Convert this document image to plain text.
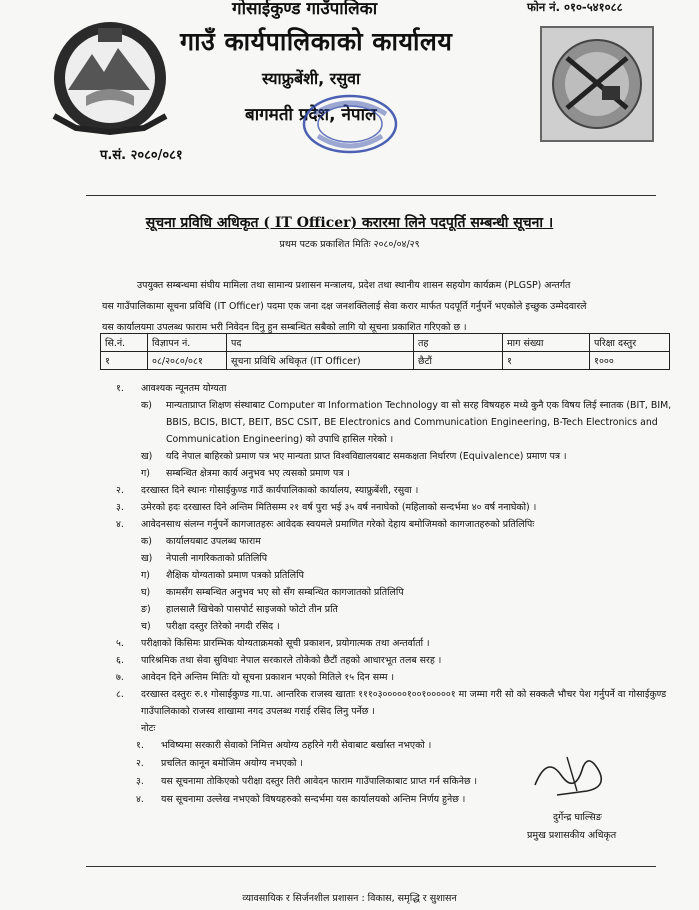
गोसाईकुण्ड गाउँपालिका	फोन नं. ०१०-५४१०८८
गाउँ कार्यपालिकाको कार्यालय
स्याफ्रुबेंशी, रसुवा
बागमती प्रदेश, नेपाल
प.सं. २०८०/०८१
सूचना प्रविधि अधिकृत ( IT Officer) करारमा लिने पदपूर्ति सम्बन्धी सूचना ।
प्रथम पटक प्रकाशित मितिः २०८०/०४/२९

उपयुक्त सम्बन्धमा संघीय मामिला तथा सामान्य प्रशासन मन्त्रालय, प्रदेश तथा स्थानीय शासन सहयोग कार्यक्रम (PLGSP) अन्तर्गत

यस गाउँपालिकामा सूचना प्रविधि (IT Officer) पदमा एक जना दक्ष जनशक्तिलाई सेवा करार मार्फत पदपूर्ति गर्नुपर्ने भएकोले इच्छुक उम्मेदवारले

यस कार्यालयमा उपलब्ध फाराम भरी निवेदन दिनु हुन सम्बन्धित सबैको लागि यो सूचना प्रकाशित गरिएको छ ।

सि.नं.	विज्ञापन नं.	पद	तह	माग संख्या	परिक्षा दस्तुर
१	०८/२०८०/०८१	सूचना प्रविधि अधिकृत (IT Officer)	छैटौं	१	१०००
१.	आवश्यक न्यूनतम योग्यता
क)	मान्यताप्राप्त शिक्षण संस्थाबाट Computer वा Information Technology वा सो सरह विषयहरु मध्ये कुनै एक विषय लिई स्नातक (BIT, BIM, BBIS, BCIS, BICT, BEIT, BSC CSIT, BE Electronics and Communication Engineering, B-Tech Electronics and Communication Engineering) को उपाधि हासिल गरेको ।
ख)	यदि नेपाल बाहिरको प्रमाण पत्र भए मान्यता प्राप्त विश्वविद्यालयबाट समकक्षता निर्धारण (Equivalence) प्रमाण पत्र ।
ग)	सम्बन्धित क्षेत्रमा कार्य अनुभव भए त्यसको प्रमाण पत्र ।
२.	दरखास्त दिने स्थानः गोसाईकुण्ड गाउँ कार्यपालिकाको कार्यालय, स्याफ्रुबेंशी, रसुवा ।
३.	उमेरको हदः दरखास्त दिने अन्तिम मितिसम्म २१ वर्ष पुरा भई ३५ वर्ष ननाघेको (महिलाको सन्दर्भमा ४० वर्ष ननाघेको) ।
४.	आवेदनसाथ संलग्न गर्नुपर्ने कागजातहरुः आवेदक स्वयमले प्रमाणित गरेको देहाय बमोजिमको कागजातहरुको प्रतिलिपिः
क)	कार्यालयबाट उपलब्ध फाराम
ख)	नेपाली नागरिकताको प्रतिलिपि
ग)	शैक्षिक योग्यताको प्रमाण पत्रको प्रतिलिपि
घ)	कामसँग सम्बन्धित अनुभव भए सो सँग सम्बन्धित कागजातको प्रतिलिपि
ङ)	हालसालै खिचेको पासपोर्ट साइजको फोटो तीन प्रति
च)	परीक्षा दस्तुर तिरेको नगदी रसिद ।
५.	परीक्षाको किसिमः प्रारम्भिक योग्यताक्रमको सूची प्रकाशन, प्रयोगात्मक तथा अन्तर्वार्ता ।
६.	पारिश्रमिक तथा सेवा सुविधाः नेपाल सरकारले तोकेको छैटौं तहको आधारभूत तलब सरह ।
७.	आवेदन दिने अन्तिम मितिः यो सूचना प्रकाशन भएको मितिले १५ दिन सम्म ।
८.	दरखास्त दस्तुरः रु.१ गोसाईकुण्ड गा.पा. आन्तरिक राजस्व खाताः १११०३०००००१००१०००००१ मा जम्मा गरी सो को सक्कलै भौचर पेश गर्नुपर्ने वा गोसाईकुण्ड गाउँपालिकाको राजस्व शाखामा नगद उपलब्ध गराई रसिद लिनु पर्नेछ ।
नोटः
१.	भविष्यमा सरकारी सेवाको निमित्त अयोग्य ठहरिने गरी सेवाबाट बर्खास्त नभएको ।
२.	प्रचलित कानून बमोजिम अयोग्य नभएको ।
३.	यस सूचनामा तोकिएको परीक्षा दस्तुर तिरी आवेदन फाराम गाउँपालिकाबाट प्राप्त गर्न सकिनेछ ।
४.	यस सूचनामा उल्लेख नभएको विषयहरुको सन्दर्भमा यस कार्यालयको अन्तिम निर्णय हुनेछ ।
दुर्गेन्द्र घाल्सिङ
प्रमुख प्रशासकीय अधिकृत
व्यावसायिक र सिर्जनशील प्रशासन : विकास, समृद्धि र सुशासन
